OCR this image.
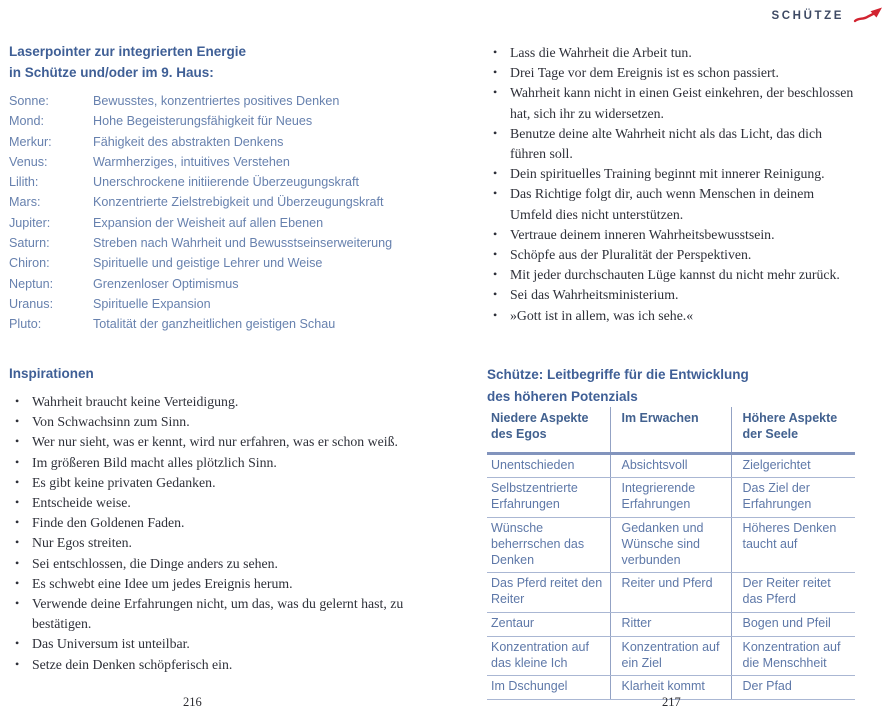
SCHÜTZE
Laserpointer zur integrierten Energie
in Schütze und/oder im 9. Haus:
Sonne:	Bewusstes, konzentriertes positives Denken
Mond:	Hohe Begeisterungsfähigkeit für Neues
Merkur:	Fähigkeit des abstrakten Denkens
Venus:	Warmherziges, intuitives Verstehen
Lilith:	Unerschrockene initiierende Überzeugungskraft
Mars:	Konzentrierte Zielstrebigkeit und Überzeugungskraft
Jupiter:	Expansion der Weisheit auf allen Ebenen
Saturn:	Streben nach Wahrheit und Bewusstseinserweiterung
Chiron:	Spirituelle und geistige Lehrer und Weise
Neptun:	Grenzenloser Optimismus
Uranus:	Spirituelle Expansion
Pluto:	Totalität der ganzheitlichen geistigen Schau
Inspirationen
• Wahrheit braucht keine Verteidigung.
• Von Schwachsinn zum Sinn.
• Wer nur sieht, was er kennt, wird nur erfahren, was er schon weiß.
• Im größeren Bild macht alles plötzlich Sinn.
• Es gibt keine privaten Gedanken.
• Entscheide weise.
• Finde den Goldenen Faden.
• Nur Egos streiten.
• Sei entschlossen, die Dinge anders zu sehen.
• Es schwebt eine Idee um jedes Ereignis herum.
• Verwende deine Erfahrungen nicht, um das, was du gelernt hast, zu bestätigen.
• Das Universum ist unteilbar.
• Setze dein Denken schöpferisch ein.
• Lass die Wahrheit die Arbeit tun.
• Drei Tage vor dem Ereignis ist es schon passiert.
• Wahrheit kann nicht in einen Geist einkehren, der beschlossen hat, sich ihr zu widersetzen.
• Benutze deine alte Wahrheit nicht als das Licht, das dich führen soll.
• Dein spirituelles Training beginnt mit innerer Reinigung.
• Das Richtige folgt dir, auch wenn Menschen in deinem Umfeld dies nicht unterstützen.
• Vertraue deinem inneren Wahrheitsbewusstsein.
• Schöpfe aus der Pluralität der Perspektiven.
• Mit jeder durchschauten Lüge kannst du nicht mehr zurück.
• Sei das Wahrheitsministerium.
• »Gott ist in allem, was ich sehe.«
Schütze: Leitbegriffe für die Entwicklung
des höheren Potenzials
Niedere Aspekte des Egos	Im Erwachen	Höhere Aspekte der Seele
Unentschieden	Absichtsvoll	Zielgerichtet
Selbstzentrierte Erfahrungen	Integrierende Erfahrungen	Das Ziel der Erfahrungen
Wünsche beherrschen das Denken	Gedanken und Wünsche sind verbunden	Höheres Denken taucht auf
Das Pferd reitet den Reiter	Reiter und Pferd	Der Reiter reitet das Pferd
Zentaur	Ritter	Bogen und Pfeil
Konzentration auf das kleine Ich	Konzentration auf ein Ziel	Konzentration auf die Menschheit
Im Dschungel	Klarheit kommt	Der Pfad
216	217
